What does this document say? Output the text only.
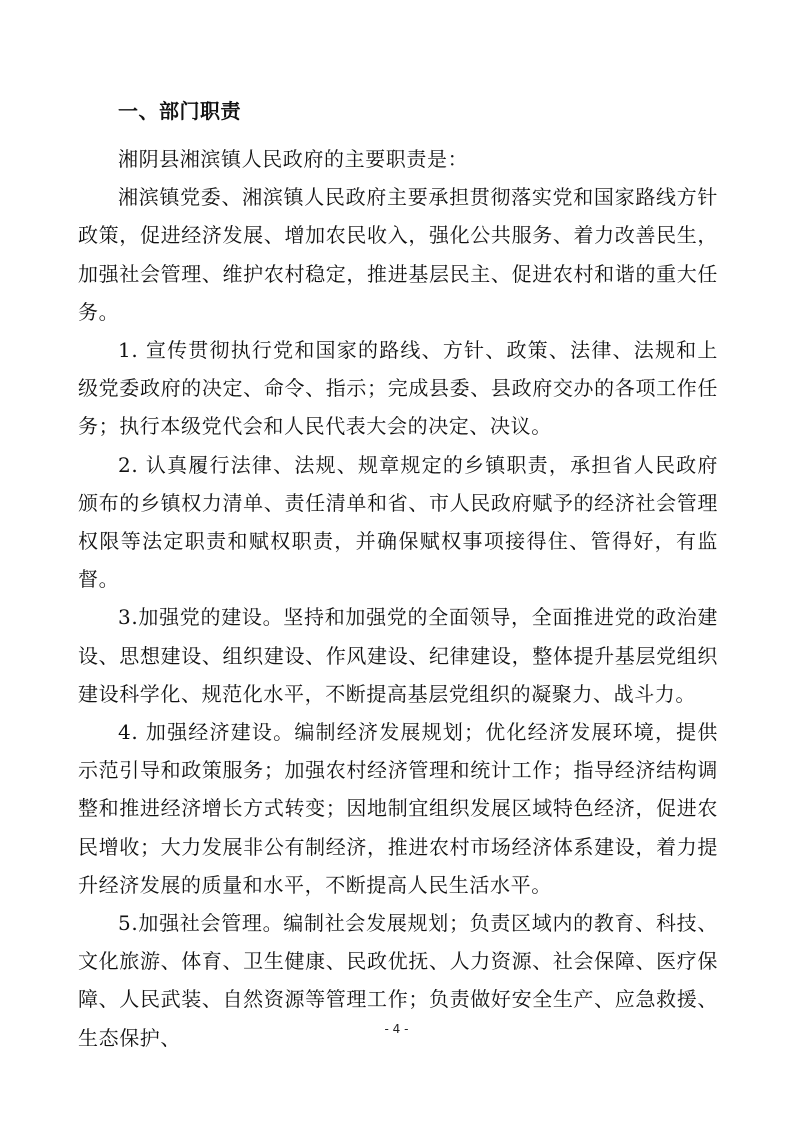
一、部门职责

湘阴县湘滨镇人民政府的主要职责是：

湘滨镇党委、湘滨镇人民政府主要承担贯彻落实党和国家路线方针政策，促进经济发展、增加农民收入，强化公共服务、着力改善民生，加强社会管理、维护农村稳定，推进基层民主、促进农村和谐的重大任务。

1. 宣传贯彻执行党和国家的路线、方针、政策、法律、法规和上级党委政府的决定、命令、指示；完成县委、县政府交办的各项工作任务；执行本级党代会和人民代表大会的决定、决议。

2. 认真履行法律、法规、规章规定的乡镇职责，承担省人民政府颁布的乡镇权力清单、责任清单和省、市人民政府赋予的经济社会管理权限等法定职责和赋权职责，并确保赋权事项接得住、管得好，有监督。

3.加强党的建设。坚持和加强党的全面领导，全面推进党的政治建设、思想建设、组织建设、作风建设、纪律建设，整体提升基层党组织建设科学化、规范化水平，不断提高基层党组织的凝聚力、战斗力。

4. 加强经济建设。编制经济发展规划；优化经济发展环境，提供示范引导和政策服务；加强农村经济管理和统计工作；指导经济结构调整和推进经济增长方式转变；因地制宜组织发展区域特色经济，促进农民增收；大力发展非公有制经济，推进农村市场经济体系建设，着力提升经济发展的质量和水平，不断提高人民生活水平。

5.加强社会管理。编制社会发展规划；负责区域内的教育、科技、文化旅游、体育、卫生健康、民政优抚、人力资源、社会保障、医疗保障、人民武装、自然资源等管理工作；负责做好安全生产、应急救援、生态保护、	- 4 -
